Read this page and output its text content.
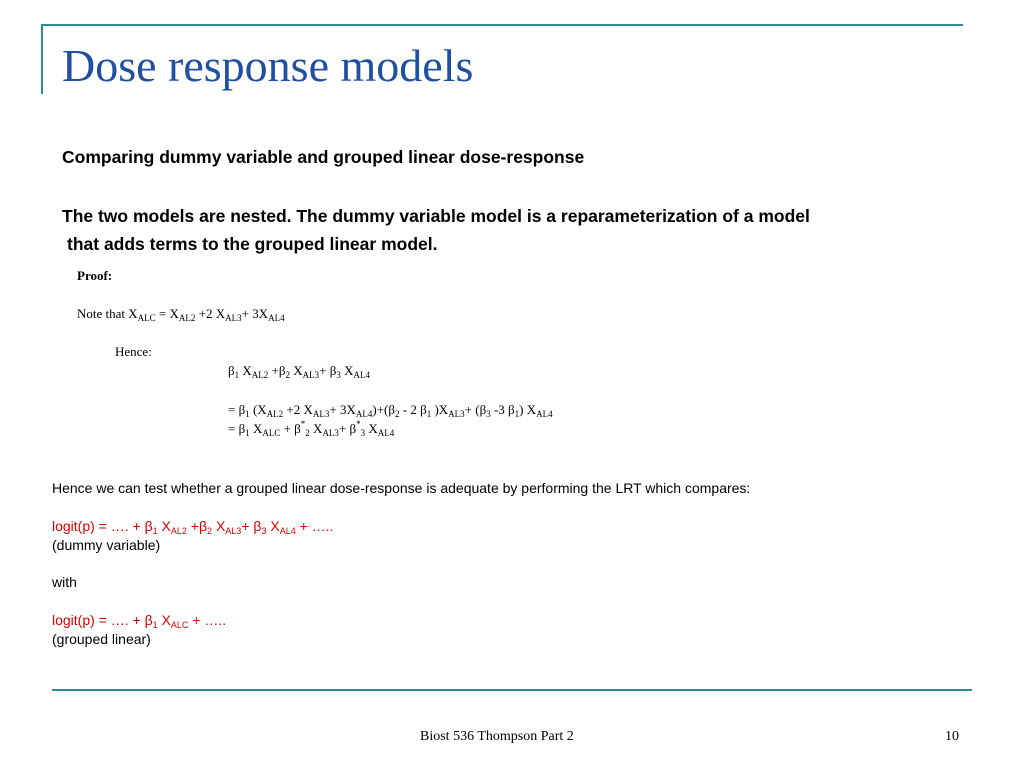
Dose response models
Comparing dummy variable and grouped linear dose-response
The two models are nested. The dummy variable model is a reparameterization of a model
that adds terms to the grouped linear model.
Proof:
Note that $X_{ALC} = X_{AL2} +2$ $X_{AL3}+ 3X_{AL4}$
Hence:
$\beta_1$ $X_{AL2} +\beta_2$ $X_{AL3}+ \beta_3$ $X_{AL4}$
= $\beta_1$ ($X_{AL2} +2$ $X_{AL3}+ 3X_{AL4})+(\beta_2 - 2$ $\beta_1$ )$X_{AL3}+ (\beta_3$ -3 $\beta_1$) $X_{AL4}$
= $\beta_1$ $X_{ALC} + \beta^*_2$ $X_{AL3}+ \beta^*_3$ $X_{AL4}$
Hence we can test whether a grouped linear dose-response is adequate by performing the LRT which compares:
logit(p) = …. + $\beta_1$ $X_{AL2} +\beta_2$ $X_{AL3}+ \beta_3$ $X_{AL4}$ + …..
(dummy variable)
with
logit(p) = …. + $\beta_1$ $X_{ALC}$ + …..
(grouped linear)
Biost 536 Thompson Part 2	10
